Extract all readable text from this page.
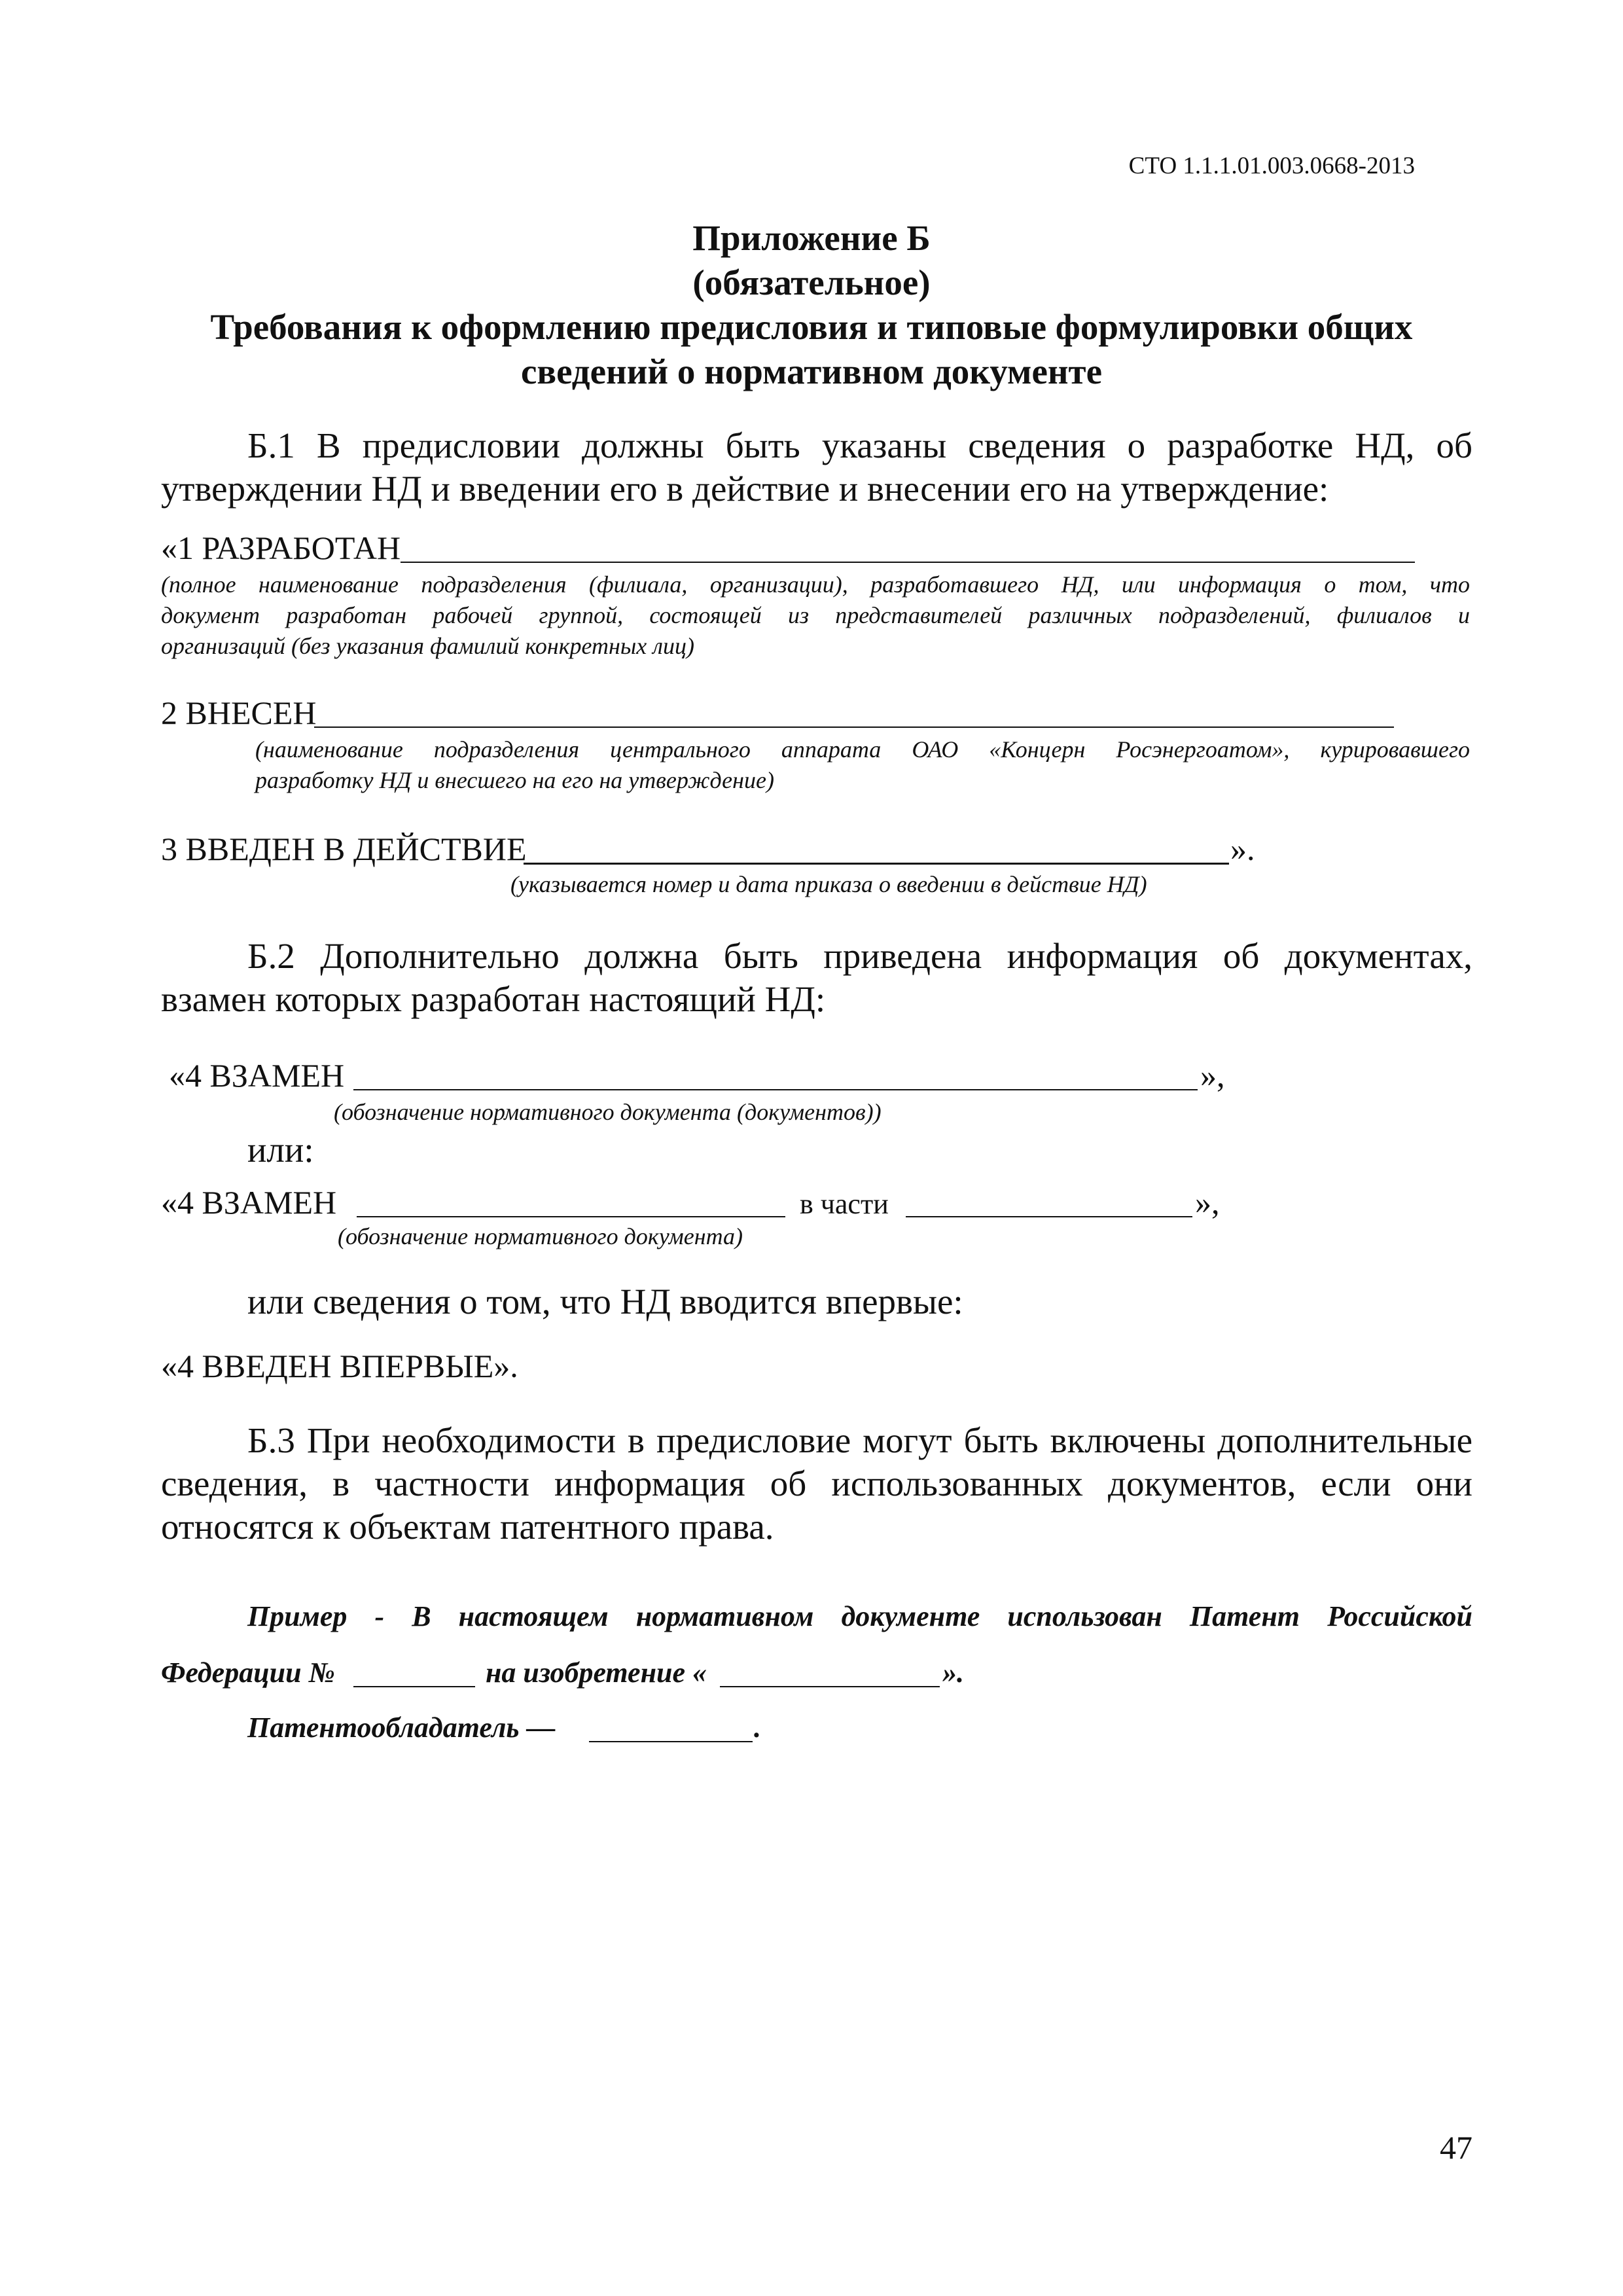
СТО 1.1.1.01.003.0668-2013
Приложение Б
(обязательное)
Требования к оформлению предисловия и типовые формулировки общих
сведений о нормативном документе
Б.1 В предисловии должны быть указаны сведения о разработке НД, об
утверждении НД и введении его в действие и внесении его на утверждение:
«1 РАЗРАБОТАН
(полное наименование подразделения (филиала, организации), разработавшего НД, или информация о том, что
документ разработан рабочей группой, состоящей из представителей различных подразделений, филиалов и
организаций (без указания фамилий конкретных лиц)
2 ВНЕСЕН
(наименование подразделения центрального аппарата ОАО «Концерн Росэнергоатом», курировавшего
разработку НД и внесшего на его на утверждение)
3 ВВЕДЕН В ДЕЙСТВИЕ	».
(указывается номер и дата приказа о введении в действие НД)
Б.2 Дополнительно должна быть приведена информация об документах,
взамен которых разработан настоящий НД:
«4 ВЗАМЕН	»,
(обозначение нормативного документа (документов))
или:
«4 ВЗАМЕН	в части	»,
(обозначение нормативного документа)
или сведения о том, что НД вводится впервые:
«4 ВВЕДЕН ВПЕРВЫЕ».
Б.3 При необходимости в предисловие могут быть включены дополнительные
сведения, в частности информация об использованных документов, если они
относятся к объектам патентного права.
Пример - В настоящем нормативном документе использован Патент Российской
Федерации №	на изобретение «	».
Патентообладатель —	.
47
